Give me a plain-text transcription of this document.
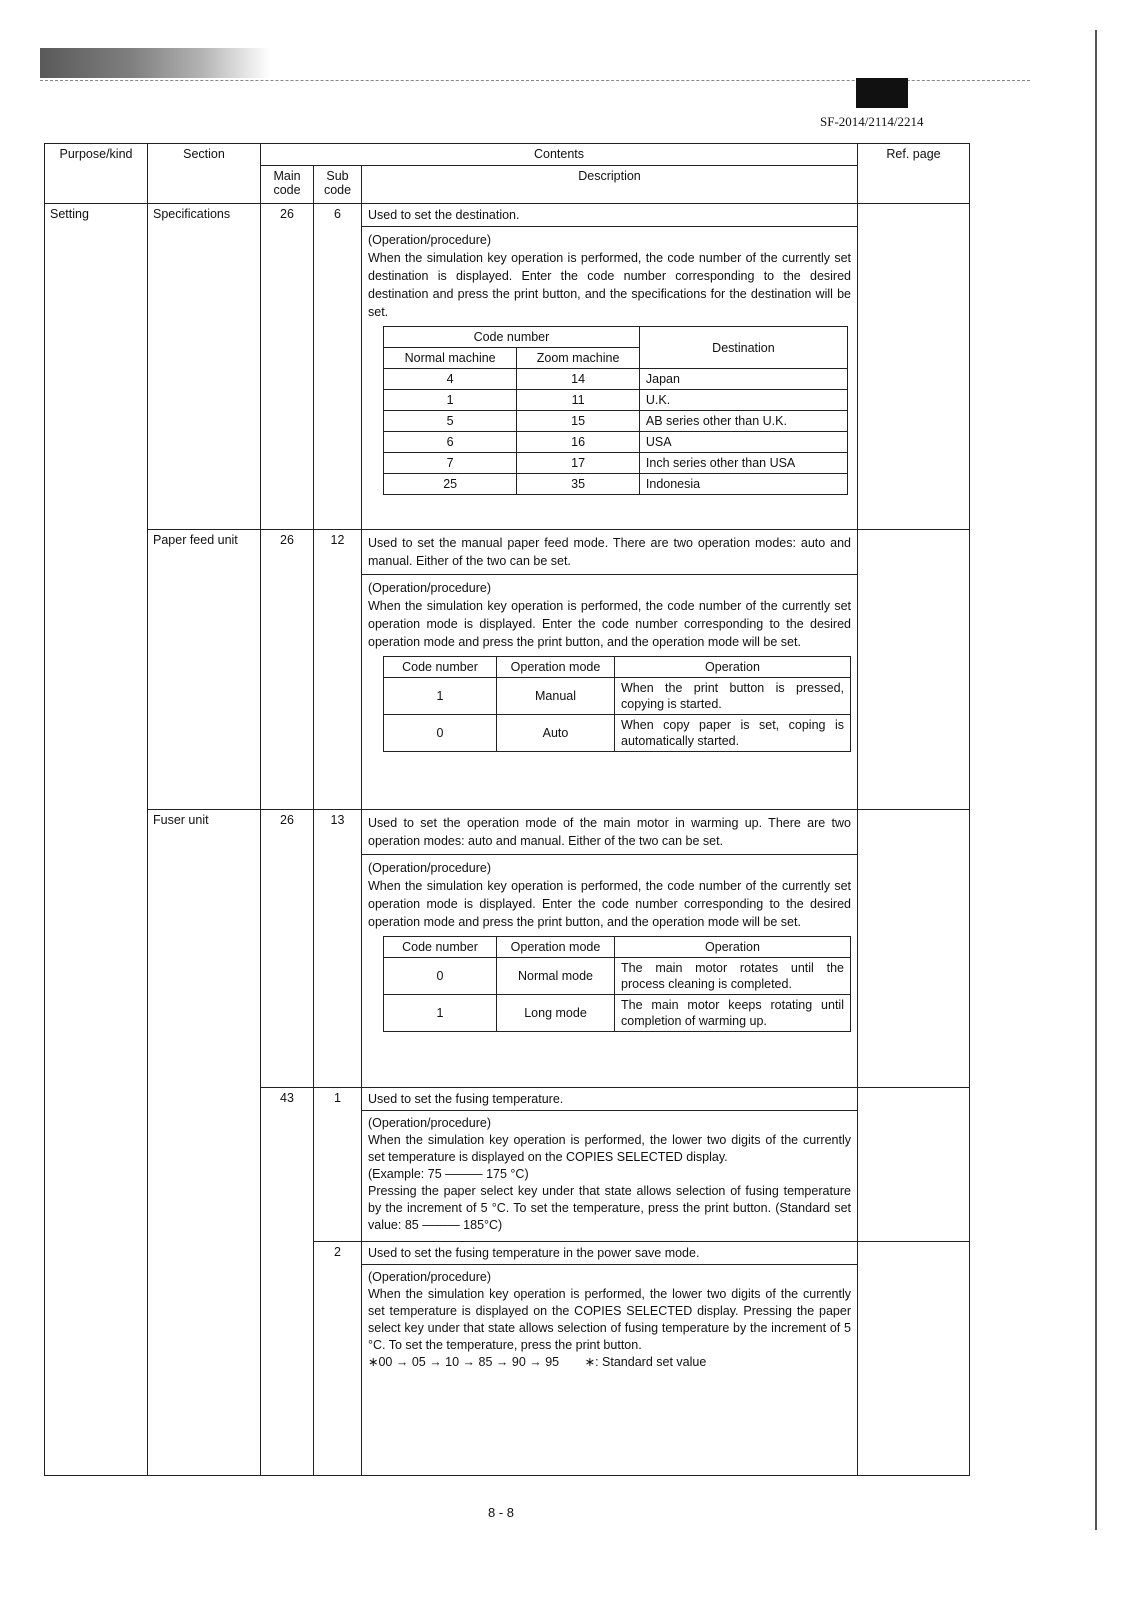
SF-2014/2114/2214
Purpose/kind	Section	Contents	Ref. page
Main code	Sub code	Description
Setting	Specifications	26	6	Used to set the destination.
(Operation/procedure)
When the simulation key operation is performed, the code number of the currently set destination is displayed. Enter the code number corresponding to the desired destination and press the print button, and the specifications for the destination will be set.
Code number	Destination
Normal machine	Zoom machine
4	14	Japan
1	11	U.K.
5	15	AB series other than U.K.
6	16	USA
7	17	Inch series other than USA
25	35	Indonesia

Paper feed unit	26	12	Used to set the manual paper feed mode. There are two operation modes: auto and manual. Either of the two can be set.
(Operation/procedure)
When the simulation key operation is performed, the code number of the currently set operation mode is displayed. Enter the code number corresponding to the desired operation mode and press the print button, and the operation mode will be set.
Code number	Operation mode	Operation
1	Manual	When the print button is pressed, copying is started.
0	Auto	When copy paper is set, coping is automatically started.

Fuser unit	26	13	Used to set the operation mode of the main motor in warming up. There are two operation modes: auto and manual. Either of the two can be set.
(Operation/procedure)
When the simulation key operation is performed, the code number of the currently set operation mode is displayed. Enter the code number corresponding to the desired operation mode and press the print button, and the operation mode will be set.
Code number	Operation mode	Operation
0	Normal mode	The main motor rotates until the process cleaning is completed.
1	Long mode	The main motor keeps rotating until completion of warming up.

43	1	Used to set the fusing temperature.
(Operation/procedure)
When the simulation key operation is performed, the lower two digits of the currently set temperature is displayed on the COPIES SELECTED display.
(Example: 75 ——— 175 °C)
Pressing the paper select key under that state allows selection of fusing temperature by the increment of 5 °C. To set the temperature, press the print button. (Standard set value: 85 ——— 185°C)

2	Used to set the fusing temperature in the power save mode.
(Operation/procedure)
When the simulation key operation is performed, the lower two digits of the currently set temperature is displayed on the COPIES SELECTED display. Pressing the paper select key under that state allows selection of fusing temperature by the increment of 5 °C. To set the temperature, press the print button.
∗00 → 05 → 10 → 85 → 90 → 95 ∗: Standard set value

8 - 8
